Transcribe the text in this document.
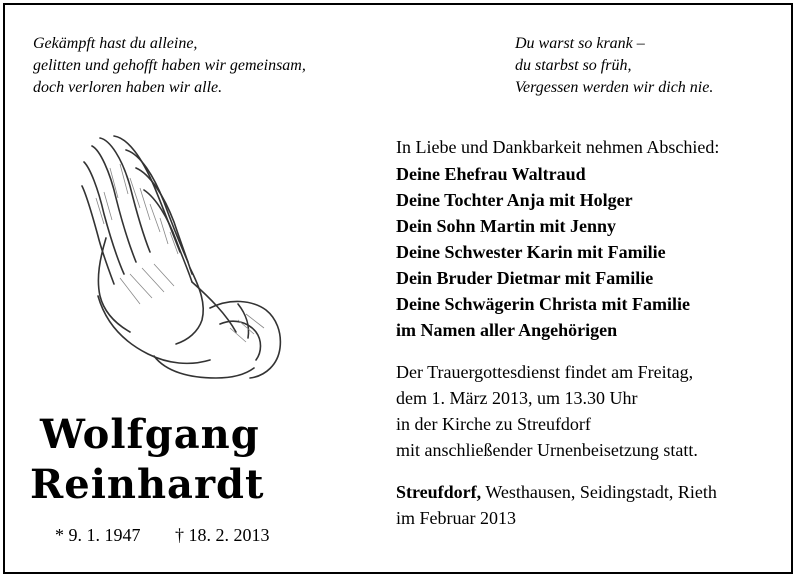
Gekämpft hast du alleine,
gelitten und gehofft haben wir gemeinsam,
doch verloren haben wir alle.
Du warst so krank –
du starbst so früh,
Vergessen werden wir dich nie.
Wolfgang
Reinhardt
* 9. 1. 1947 † 18. 2. 2013
In Liebe und Dankbarkeit nehmen Abschied:
Deine Ehefrau Waltraud
Deine Tochter Anja mit Holger
Dein Sohn Martin mit Jenny
Deine Schwester Karin mit Familie
Dein Bruder Dietmar mit Familie
Deine Schwägerin Christa mit Familie
im Namen aller Angehörigen
Der Trauergottesdienst findet am Freitag,
dem 1. März 2013, um 13.30 Uhr
in der Kirche zu Streufdorf
mit anschließender Urnenbeisetzung statt.
Streufdorf, Westhausen, Seidingstadt, Rieth
im Februar 2013
